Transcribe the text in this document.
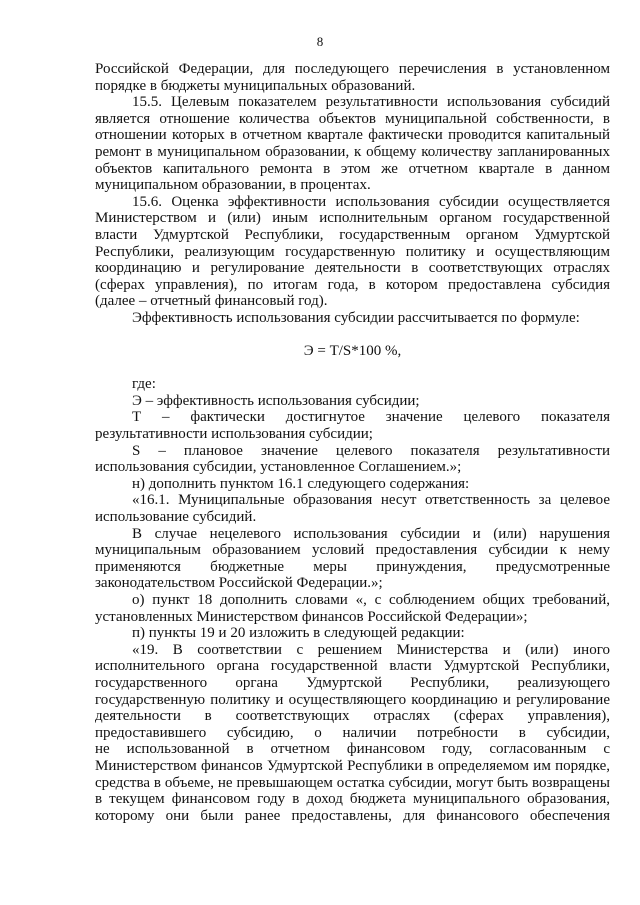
8
Российской Федерации, для последующего перечисления в установленном
порядке в бюджеты муниципальных образований.
15.5. Целевым показателем результативности использования субсидий
является отношение количества объектов муниципальной собственности, в
отношении которых в отчетном квартале фактически проводится капитальный
ремонт в муниципальном образовании, к общему количеству запланированных
объектов капитального ремонта в этом же отчетном квартале в данном
муниципальном образовании, в процентах.
15.6. Оценка эффективности использования субсидии осуществляется
Министерством и (или) иным исполнительным органом государственной
власти Удмуртской Республики, государственным органом Удмуртской
Республики, реализующим государственную политику и осуществляющим
координацию и регулирование деятельности в соответствующих отраслях
(сферах управления), по итогам года, в котором предоставлена субсидия
(далее – отчетный финансовый год).
Эффективность использования субсидии рассчитывается по формуле:
Э = Т/S*100 %,
где:
Э – эффективность использования субсидии;
Т – фактически достигнутое значение целевого показателя
результативности использования субсидии;
S – плановое значение целевого показателя результативности
использования субсидии, установленное Соглашением.»;
н) дополнить пунктом 16.1 следующего содержания:
«16.1. Муниципальные образования несут ответственность за целевое
использование субсидий.
В случае нецелевого использования субсидии и (или) нарушения
муниципальным образованием условий предоставления субсидии к нему
применяются бюджетные меры принуждения, предусмотренные
законодательством Российской Федерации.»;
о) пункт 18 дополнить словами «, с соблюдением общих требований,
установленных Министерством финансов Российской Федерации»;
п) пункты 19 и 20 изложить в следующей редакции:
«19. В соответствии с решением Министерства и (или) иного
исполнительного органа государственной власти Удмуртской Республики,
государственного органа Удмуртской Республики, реализующего
государственную политику и осуществляющего координацию и регулирование
деятельности в соответствующих отраслях (сферах управления),
предоставившего субсидию, о наличии потребности в субсидии,
не использованной в отчетном финансовом году, согласованным с
Министерством финансов Удмуртской Республики в определяемом им порядке,
средства в объеме, не превышающем остатка субсидии, могут быть возвращены
в текущем финансовом году в доход бюджета муниципального образования,
которому они были ранее предоставлены, для финансового обеспечения
